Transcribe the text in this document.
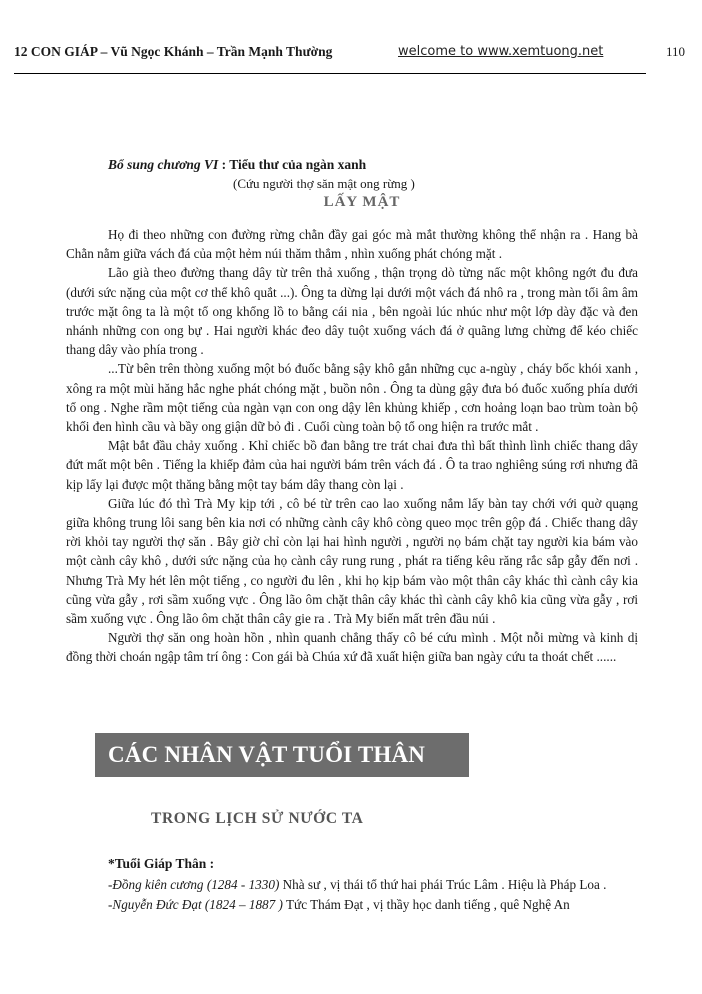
12 CON GIÁP – Vũ Ngọc Khánh – Trần Mạnh Thường	welcome to www.xemtuong.net	110
Bổ sung chương VI : Tiểu thư của ngàn xanh
(Cứu người thợ săn mật ong rừng )
LẤY MẬT

Họ đi theo những con đường rừng chằn đầy gai góc mà mắt thường không thể nhận ra . Hang bà Chằn nằm giữa vách đá của một hẻm núi thăm thẳm , nhìn xuống phát chóng mặt .

Lão già theo đường thang dây từ trên thả xuống , thận trọng dò từng nấc một không ngớt đu đưa (dưới sức nặng của một cơ thể khô quắt ...). Ông ta dừng lại dưới một vách đá nhô ra , trong màn tối âm âm trước mặt ông ta là một tổ ong khổng lồ to bằng cái nia , bên ngoài lúc nhúc như một lớp dày đặc và đen nhánh những con ong bự . Hai người khác đeo dây tuột xuống vách đá ở quãng lưng chừng để kéo chiếc thang dây vào phía trong .

...Từ bên trên thòng xuống một bó đuốc bằng sậy khô gắn những cục a-ngùy , cháy bốc khói xanh , xông ra một mùi hăng hắc nghe phát chóng mặt , buồn nôn . Ông ta dùng gậy đưa bó đuốc xuống phía dưới tổ ong . Nghe rầm một tiếng của ngàn vạn con ong dậy lên khủng khiếp , cơn hoảng loạn bao trùm toàn bộ khối đen hình cầu và bầy ong giận dữ bỏ đi . Cuối cùng toàn bộ tổ ong hiện ra trước mắt .

Mật bắt đầu chảy xuống . Khỉ chiếc bồ đan bằng tre trát chai đưa thì bất thình lình chiếc thang dây đứt mất một bên . Tiếng la khiếp đảm của hai người bám trên vách đá . Ô ta trao nghiêng súng rơi nhưng đã kịp lấy lại được một thăng bằng một tay bám dây thang còn lại .

Giữa lúc đó thì Trà My kịp tới , cô bé từ trên cao lao xuống nắm lấy bàn tay chới với quờ quạng giữa không trung lôi sang bên kia nơi có những cành cây khô còng queo mọc trên gộp đá . Chiếc thang dây rời khỏi tay người thợ săn . Bây giờ chỉ còn lại hai hình người , người nọ bám chặt tay người kia bám vào một cành cây khô , dưới sức nặng của họ cành cây rung rung , phát ra tiếng kêu răng rắc sắp gẫy đến nơi . Nhưng Trà My hét lên một tiếng , co người đu lên , khi họ kịp bám vào một thân cây khác thì cành cây kia cũng vừa gẫy , rơi sầm xuống vực . Ông lão ôm chặt thân cây khác thì cành cây khô kia cũng vừa gẫy , rơi sầm xuống vực . Ông lão ôm chặt thân cây gie ra . Trà My biến mất trên đầu núi .

Người thợ săn ong hoàn hồn , nhìn quanh chẳng thấy cô bé cứu mình . Một nỗi mừng và kinh dị đồng thời choán ngập tâm trí ông : Con gái bà Chúa xứ đã xuất hiện giữa ban ngày cứu ta thoát chết ......

CÁC NHÂN VẬT TUỔI THÂN
TRONG LỊCH SỬ NƯỚC TA
*Tuổi Giáp Thân :

-Đồng kiên cương (1284 - 1330) Nhà sư , vị thái tổ thứ hai phái Trúc Lâm . Hiệu là Pháp Loa .

-Nguyễn Đức Đạt (1824 – 1887 ) Tức Thám Đạt , vị thầy học danh tiếng , quê Nghệ An
